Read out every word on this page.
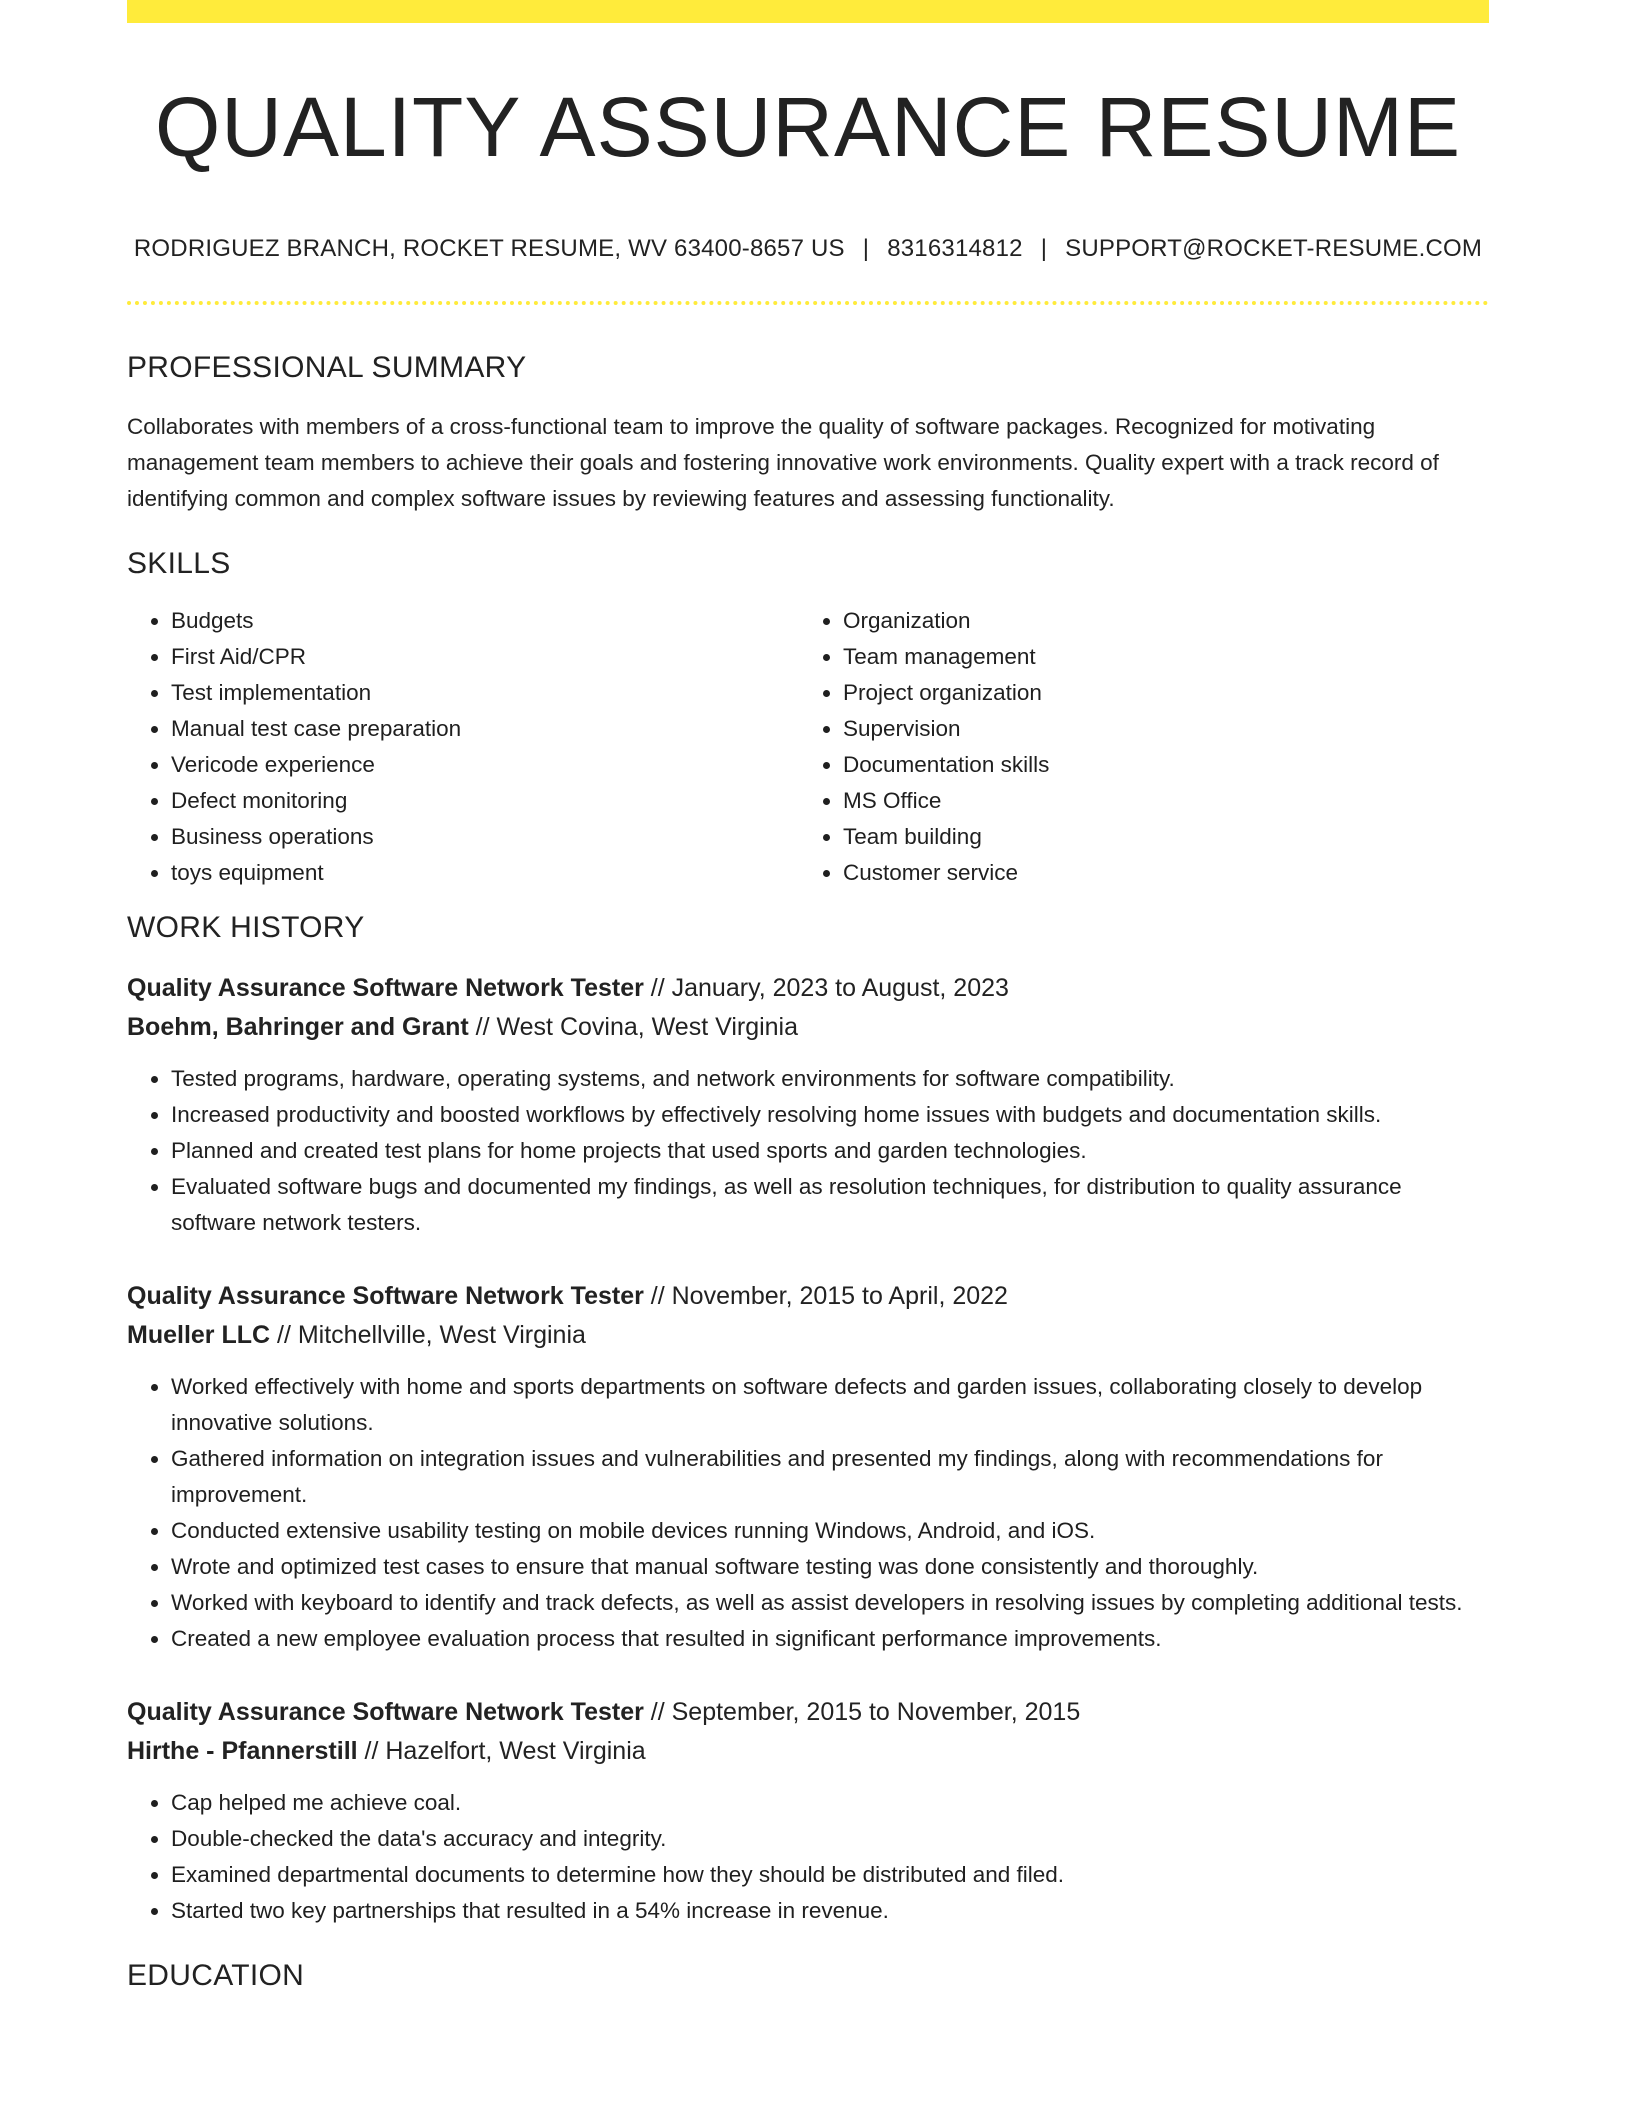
QUALITY ASSURANCE RESUME
RODRIGUEZ BRANCH, ROCKET RESUME, WV 63400-8657 US | 8316314812 | SUPPORT@ROCKET-RESUME.COM
PROFESSIONAL SUMMARY

Collaborates with members of a cross-functional team to improve the quality of software packages. Recognized for motivating management team members to achieve their goals and fostering innovative work environments. Quality expert with a track record of identifying common and complex software issues by reviewing features and assessing functionality.

SKILLS
• Budgets
• First Aid/CPR
• Test implementation
• Manual test case preparation
• Vericode experience
• Defect monitoring
• Business operations
• toys equipment
• Organization
• Team management
• Project organization
• Supervision
• Documentation skills
• MS Office
• Team building
• Customer service
WORK HISTORY
Quality Assurance Software Network Tester // January, 2023 to August, 2023
Boehm, Bahringer and Grant // West Covina, West Virginia
• Tested programs, hardware, operating systems, and network environments for software compatibility.
• Increased productivity and boosted workflows by effectively resolving home issues with budgets and documentation skills.
• Planned and created test plans for home projects that used sports and garden technologies.
• Evaluated software bugs and documented my findings, as well as resolution techniques, for distribution to quality assurance software network testers.
Quality Assurance Software Network Tester // November, 2015 to April, 2022
Mueller LLC // Mitchellville, West Virginia
• Worked effectively with home and sports departments on software defects and garden issues, collaborating closely to develop innovative solutions.
• Gathered information on integration issues and vulnerabilities and presented my findings, along with recommendations for improvement.
• Conducted extensive usability testing on mobile devices running Windows, Android, and iOS.
• Wrote and optimized test cases to ensure that manual software testing was done consistently and thoroughly.
• Worked with keyboard to identify and track defects, as well as assist developers in resolving issues by completing additional tests.
• Created a new employee evaluation process that resulted in significant performance improvements.
Quality Assurance Software Network Tester // September, 2015 to November, 2015
Hirthe - Pfannerstill // Hazelfort, West Virginia
• Cap helped me achieve coal.
• Double-checked the data's accuracy and integrity.
• Examined departmental documents to determine how they should be distributed and filed.
• Started two key partnerships that resulted in a 54% increase in revenue.
EDUCATION
